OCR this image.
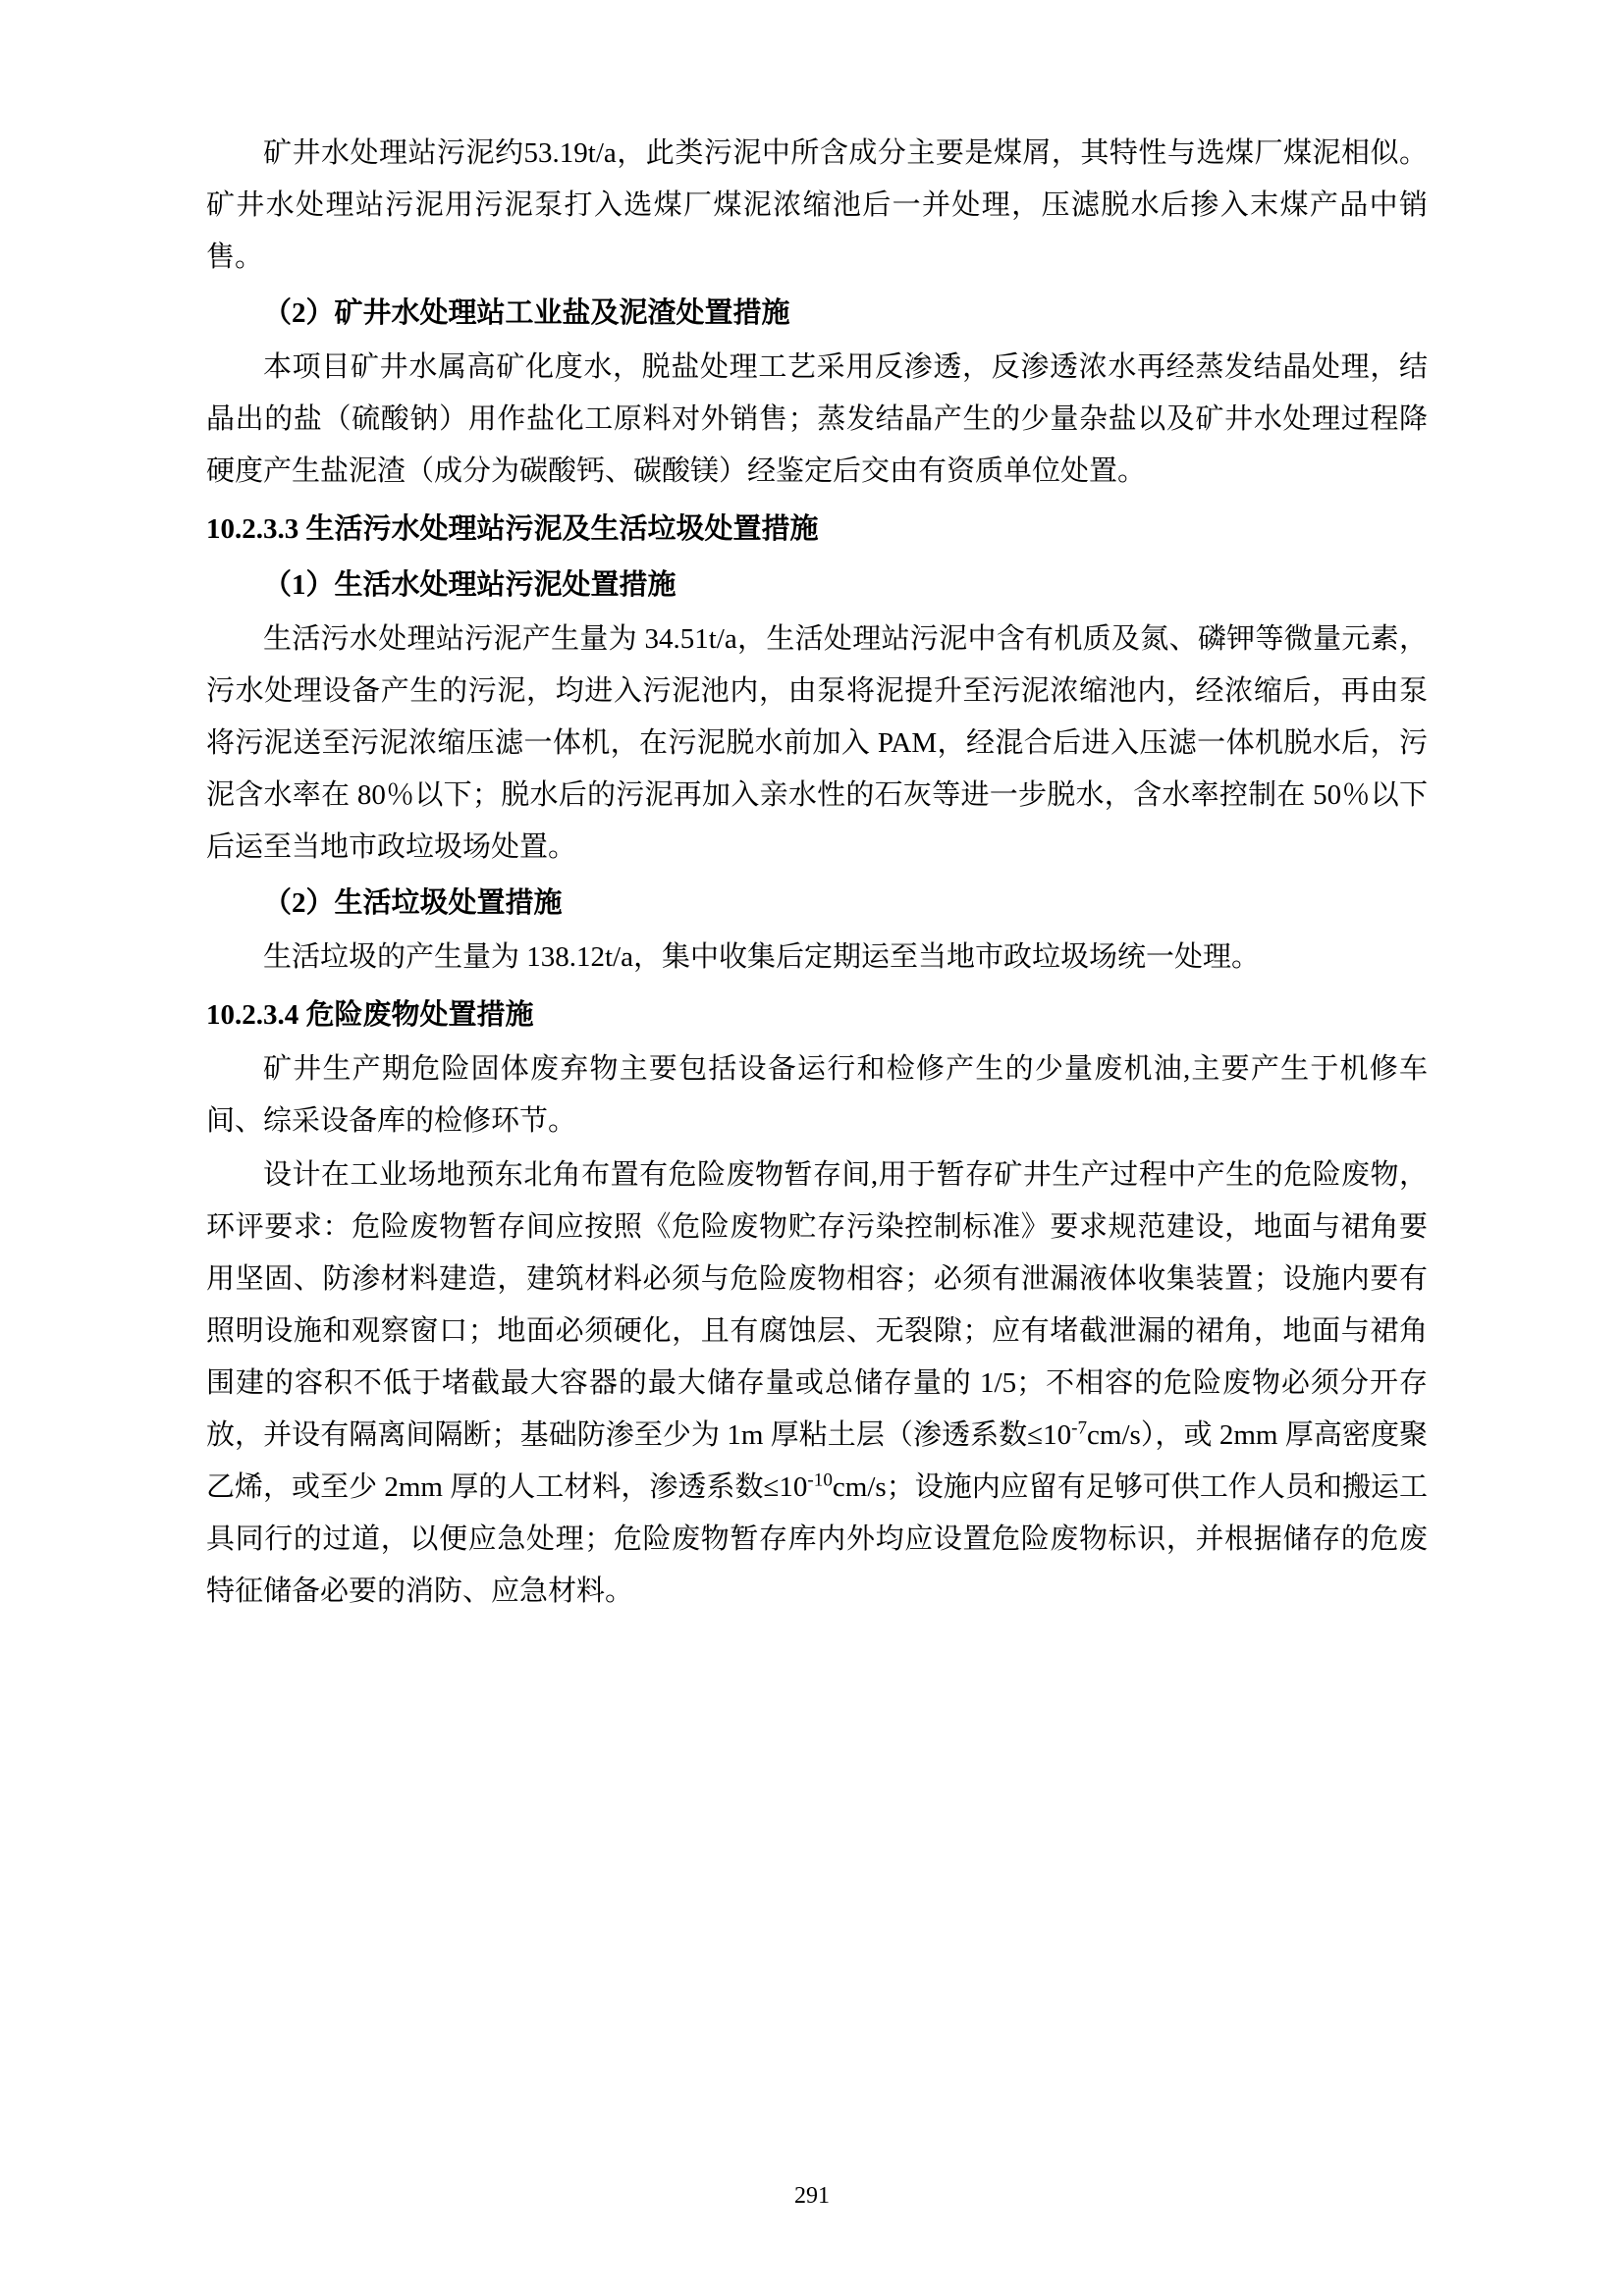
矿井水处理站污泥约53.19t/a，此类污泥中所含成分主要是煤屑，其特性与选煤厂煤泥相似。矿井水处理站污泥用污泥泵打入选煤厂煤泥浓缩池后一并处理，压滤脱水后掺入末煤产品中销售。

（2）矿井水处理站工业盐及泥渣处置措施

本项目矿井水属高矿化度水，脱盐处理工艺采用反渗透，反渗透浓水再经蒸发结晶处理，结晶出的盐（硫酸钠）用作盐化工原料对外销售；蒸发结晶产生的少量杂盐以及矿井水处理过程降硬度产生盐泥渣（成分为碳酸钙、碳酸镁）经鉴定后交由有资质单位处置。

10.2.3.3 生活污水处理站污泥及生活垃圾处置措施

（1）生活水处理站污泥处置措施

生活污水处理站污泥产生量为 34.51t/a，生活处理站污泥中含有机质及氮、磷钾等微量元素，污水处理设备产生的污泥，均进入污泥池内，由泵将泥提升至污泥浓缩池内，经浓缩后，再由泵将污泥送至污泥浓缩压滤一体机，在污泥脱水前加入 PAM，经混合后进入压滤一体机脱水后，污泥含水率在 80％以下；脱水后的污泥再加入亲水性的石灰等进一步脱水，含水率控制在 50％以下后运至当地市政垃圾场处置。

（2）生活垃圾处置措施

生活垃圾的产生量为 138.12t/a，集中收集后定期运至当地市政垃圾场统一处理。

10.2.3.4 危险废物处置措施

矿井生产期危险固体废弃物主要包括设备运行和检修产生的少量废机油,主要产生于机修车间、综采设备库的检修环节。

设计在工业场地预东北角布置有危险废物暂存间,用于暂存矿井生产过程中产生的危险废物，环评要求：危险废物暂存间应按照《危险废物贮存污染控制标准》要求规范建设，地面与裙角要用坚固、防渗材料建造，建筑材料必须与危险废物相容；必须有泄漏液体收集装置；设施内要有照明设施和观察窗口；地面必须硬化，且有腐蚀层、无裂隙；应有堵截泄漏的裙角，地面与裙角围建的容积不低于堵截最大容器的最大储存量或总储存量的 1/5；不相容的危险废物必须分开存放，并设有隔离间隔断；基础防渗至少为 1m 厚粘土层（渗透系数$\le 10^{-7}cm/s$），或 2mm 厚高密度聚乙烯，或至少 2mm 厚的人工材料，渗透系数$\le 10^{-10}cm/s$；设施内应留有足够可供工作人员和搬运工具同行的过道，以便应急处理；危险废物暂存库内外均应设置危险废物标识，并根据储存的危废特征储备必要的消防、应急材料。

291
